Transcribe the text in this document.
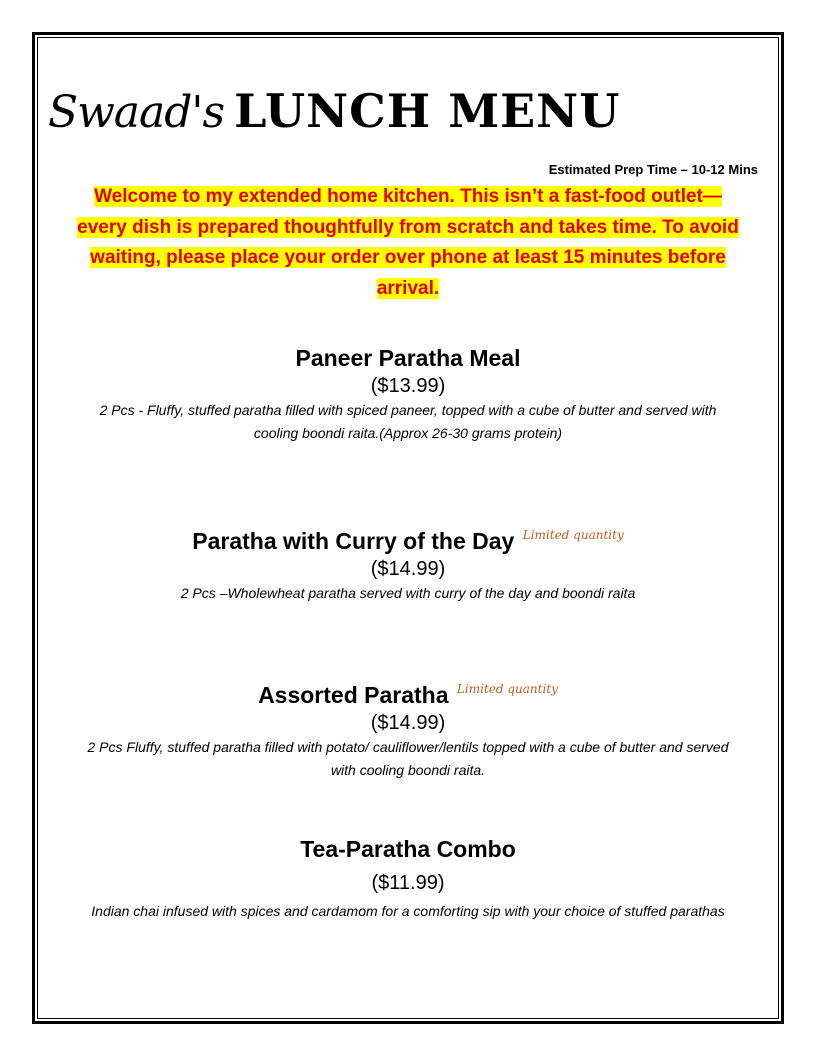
Swaad's LUNCH MENU
Estimated Prep Time – 10-12 Mins
Welcome to my extended home kitchen. This isn’t a fast-food outlet—
every dish is prepared thoughtfully from scratch and takes time. To avoid
waiting, please place your order over phone at least 15 minutes before
arrival.
Paneer Paratha Meal
($13.99)
2 Pcs - Fluffy, stuffed paratha filled with spiced paneer, topped with a cube of butter and served with
cooling boondi raita.(Approx 26-30 grams protein)
Paratha with Curry of the Day $^{Limited quantity}$
($14.99)
2 Pcs –Wholewheat paratha served with curry of the day and boondi raita
Assorted Paratha $^{Limited quantity}$
($14.99)
2 Pcs Fluffy, stuffed paratha filled with potato/ cauliflower/lentils topped with a cube of butter and served
with cooling boondi raita.
Tea-Paratha Combo
($11.99)
Indian chai infused with spices and cardamom for a comforting sip with your choice of stuffed parathas
